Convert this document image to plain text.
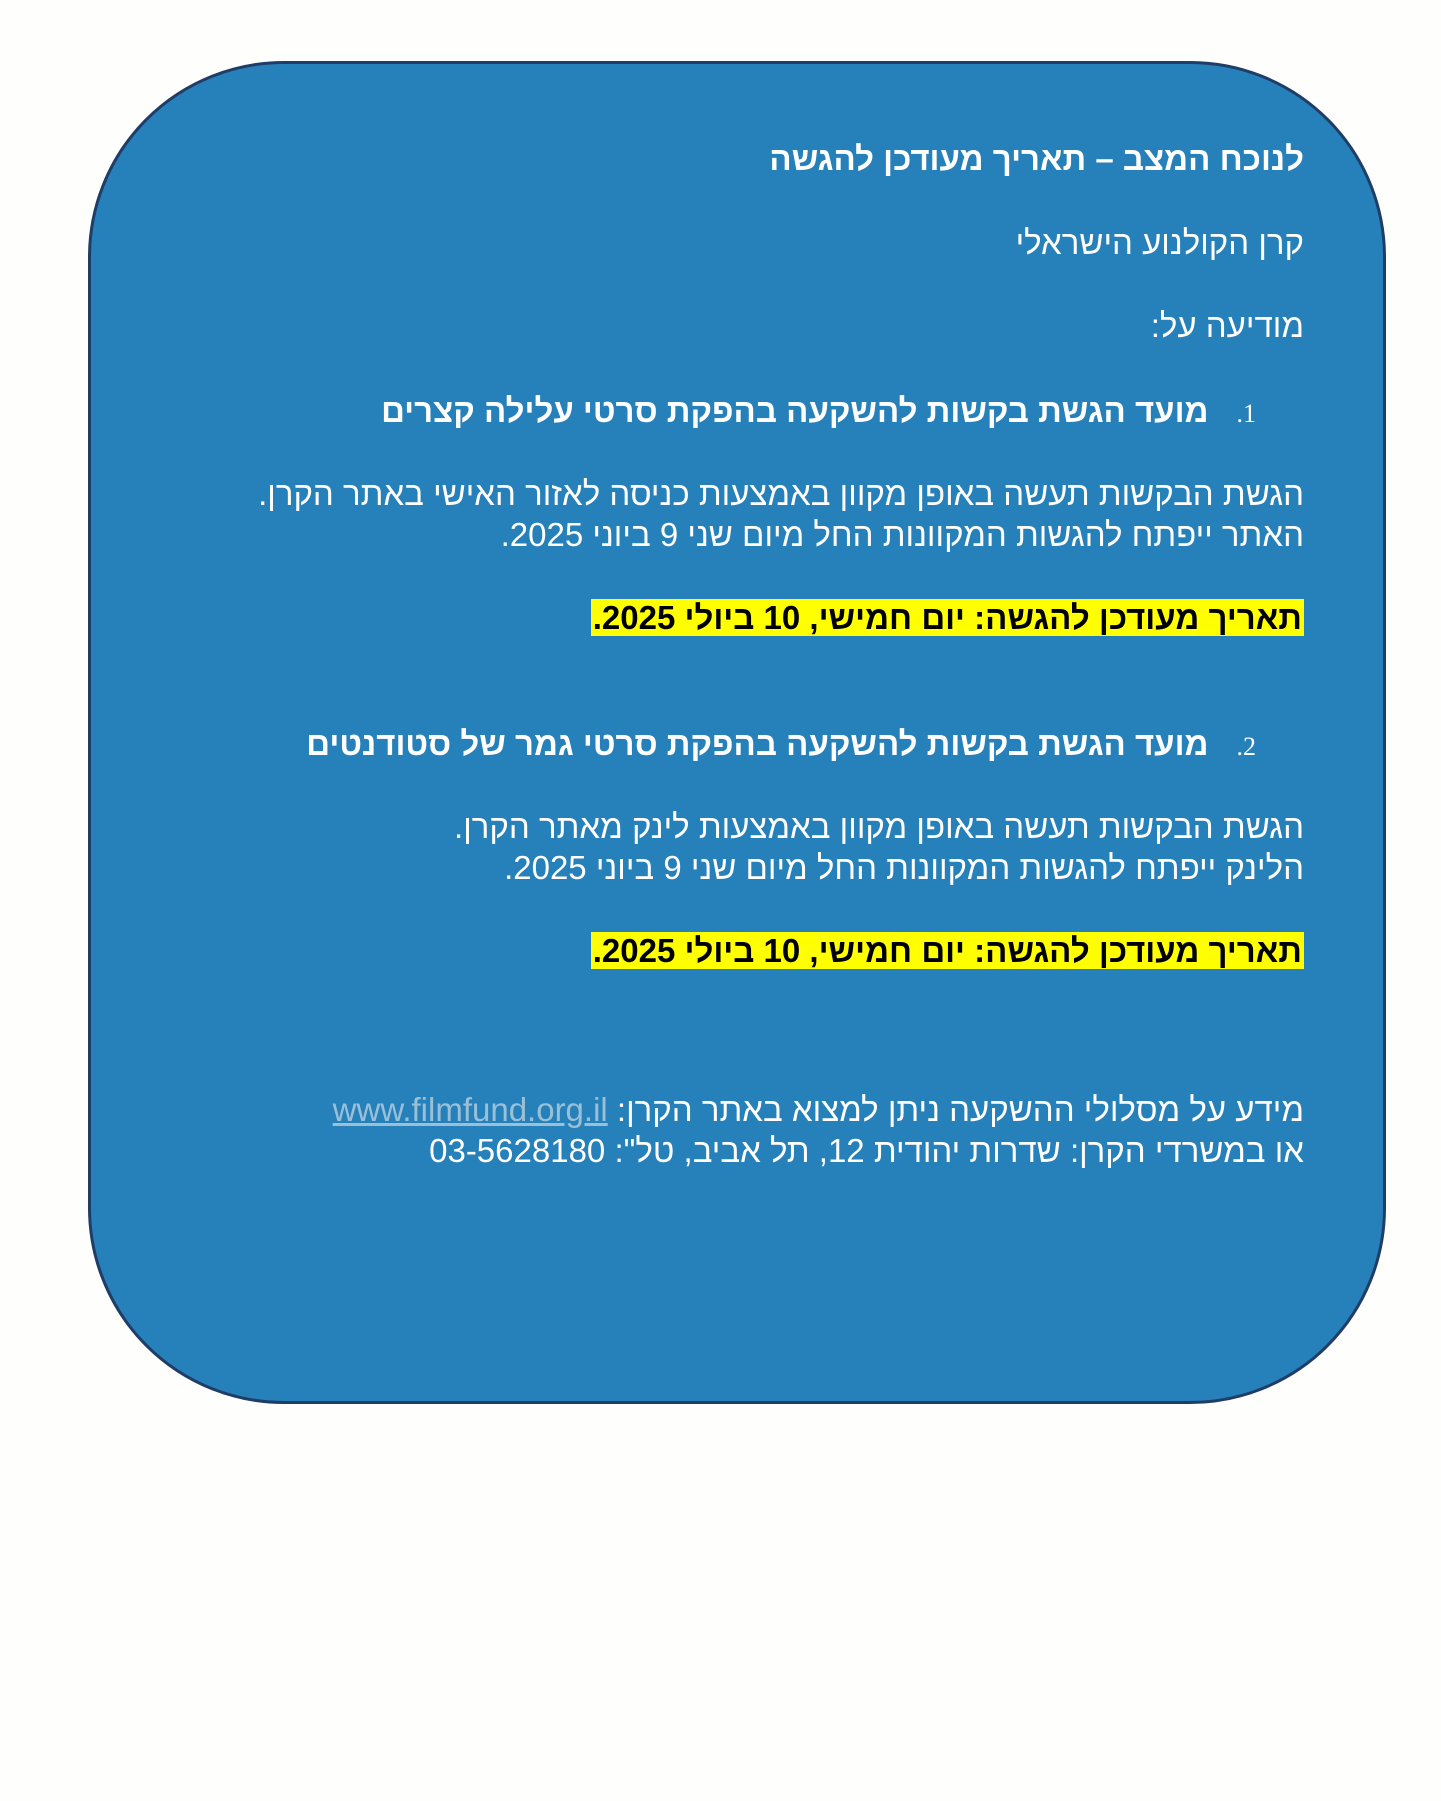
לנוכח המצב – תאריך מעודכן להגשה
קרן הקולנוע הישראלי
מודיעה על:
1.מועד הגשת בקשות להשקעה בהפקת סרטי עלילה קצרים
הגשת הבקשות תעשה באופן מקוון באמצעות כניסה לאזור האישי באתר הקרן.
האתר ייפתח להגשות המקוונות החל מיום שני 9 ביוני 2025.
תאריך מעודכן להגשה: יום חמישי, 10 ביולי 2025.
2.מועד הגשת בקשות להשקעה בהפקת סרטי גמר של סטודנטים
הגשת הבקשות תעשה באופן מקוון באמצעות לינק מאתר הקרן.
הלינק ייפתח להגשות המקוונות החל מיום שני 9 ביוני 2025.
תאריך מעודכן להגשה: יום חמישי, 10 ביולי 2025.
מידע על מסלולי ההשקעה ניתן למצוא באתר הקרן: www.filmfund.org.il
או במשרדי הקרן: שדרות יהודית 12, תל אביב, טל": 03-5628180
